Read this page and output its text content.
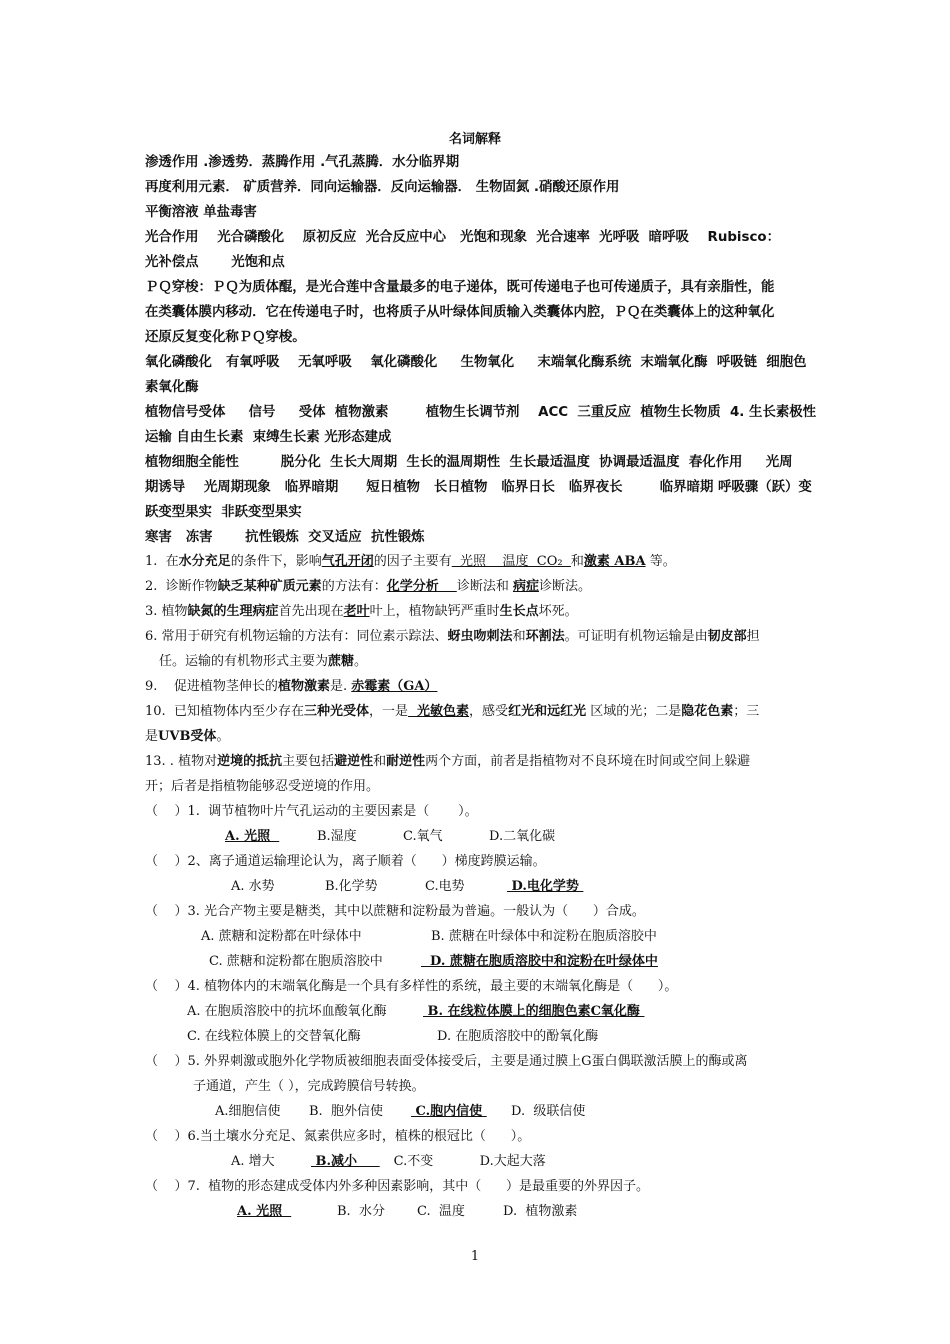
名词解释

渗透作用 .渗透势．蒸腾作用 .气孔蒸腾．水分临界期

再度利用元素． 矿质营养．同向运输器．反向运输器． 生物固氮 .硝酸还原作用

平衡溶液 单盐毒害

光合作用    光合磷酸化    原初反应  光合反应中心   光饱和现象  光合速率  光呼吸  暗呼吸    Rubisco：

光补偿点       光饱和点

ＰＱ穿梭：ＰＱ为质体醌，是光合莲中含量最多的电子递体，既可传递电子也可传递质子，具有亲脂性，能

在类囊体膜内移动．它在传递电子时，也将质子从叶绿体间质输入类囊体内腔，ＰＱ在类囊体上的这种氧化

还原反复变化称ＰＱ穿梭。

氧化磷酸化   有氧呼吸    无氧呼吸    氧化磷酸化     生物氧化     末端氧化酶系统  末端氧化酶  呼吸链  细胞色

素氧化酶

植物信号受体     信号     受体  植物激素        植物生长调节剂    ACC  三重反应  植物生长物质  4. 生长素极性

运输 自由生长素  束缚生长素 光形态建成

植物细胞全能性         脱分化  生长大周期  生长的温周期性  生长最适温度  协调最适温度  春化作用     光周

期诱导    光周期现象   临界暗期      短日植物   长日植物   临界日长   临界夜长        临界暗期 呼吸骤（跃）变

跃变型果实  非跃变型果实

寒害   冻害       抗性锻炼  交叉适应  抗性锻炼

1.  在水分充足的条件下，影响气孔开闭的因子主要有  光照    温度  CO₂  和激素 ABA 等。

2.  诊断作物缺乏某种矿质元素的方法有：化学分析    诊断法和 病症诊断法。

3. 植物缺氮的生理病症首先出现在老叶叶上，植物缺钙严重时生长点坏死。

6. 常用于研究有机物运输的方法有：同位素示踪法、蚜虫吻刺法和环割法。可证明有机物运输是由韧皮部担

任。运输的有机物形式主要为蔗糖。

9.    促进植物茎伸长的植物激素是. 赤霉素（GA）

10.  已知植物体内至少存在三种光受体，一是  光敏色素，感受红光和远红光 区域的光；二是隐花色素；三

是UVB受体。

13. . 植物对逆境的抵抗主要包括避逆性和耐逆性两个方面，前者是指植物对不良环境在时间或空间上躲避

开；后者是指植物能够忍受逆境的作用。

（    ）1.  调节植物叶片气孔运动的主要因素是（       ）。

A. 光照	B.湿度	C.氧气	D.二氧化碳

（    ）2、离子通道运输理论认为，离子顺着（      ）梯度跨膜运输。

A. 水势	B.化学势	C.电势	D.电化学势

（    ）3. 光合产物主要是糖类，其中以蔗糖和淀粉最为普遍。一般认为（      ）合成。

A. 蔗糖和淀粉都在叶绿体中	B. 蔗糖在叶绿体中和淀粉在胞质溶胶中

C. 蔗糖和淀粉都在胞质溶胶中	D. 蔗糖在胞质溶胶中和淀粉在叶绿体中

（    ）4. 植物体内的末端氧化酶是一个具有多样性的系统，最主要的末端氧化酶是（      ）。

A. 在胞质溶胶中的抗坏血酸氧化酶	B. 在线粒体膜上的细胞色素C氧化酶

C. 在线粒体膜上的交替氧化酶	D. 在胞质溶胶中的酚氧化酶

（    ）5. 外界刺激或胞外化学物质被细胞表面受体接受后，主要是通过膜上G蛋白偶联激活膜上的酶或离

子通道，产生（ ），完成跨膜信号转换。

A.细胞信使 B.  胞外信使 C.胞内信使 D.  级联信使

（    ）6.当土壤水分充足、氮素供应多时，植株的根冠比（      ）。

A. 增大	B.减小     C.不变	D.大起大落

（    ）7.  植物的形态建成受体内外多种因素影响，其中（      ）是最重要的外界因子。

A. 光照	B.  水分 C.  温度	D.  植物激素

1
